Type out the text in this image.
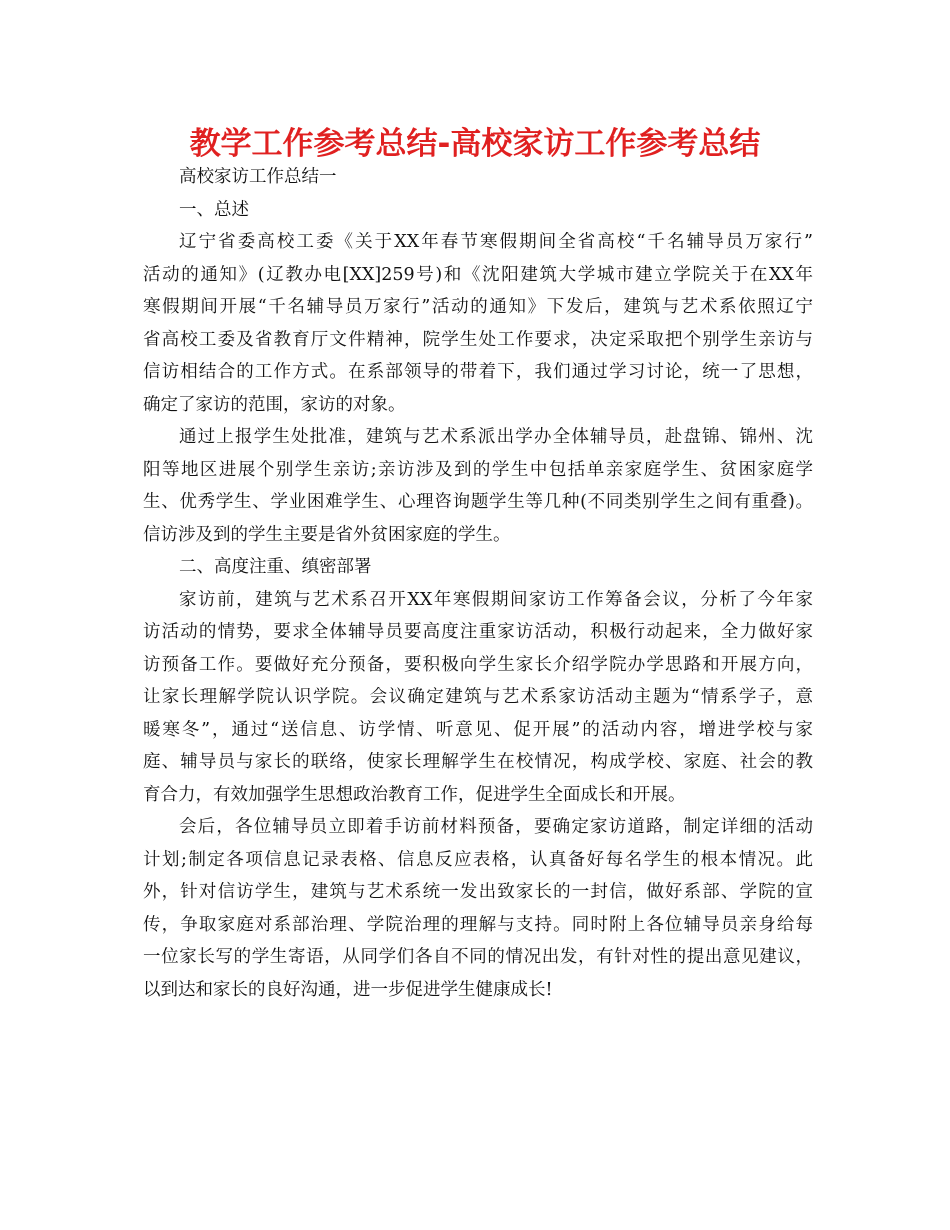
教学工作参考总结-高校家访工作参考总结
高校家访工作总结一
一、总述
辽宁省委高校工委《关于XX年春节寒假期间全省高校“千名辅导员万家行”
活动的通知》(辽教办电[XX]259号)和《沈阳建筑大学城市建立学院关于在XX年
寒假期间开展“千名辅导员万家行”活动的通知》下发后，建筑与艺术系依照辽宁
省高校工委及省教育厅文件精神，院学生处工作要求，决定采取把个别学生亲访与
信访相结合的工作方式。在系部领导的带着下，我们通过学习讨论，统一了思想，
确定了家访的范围，家访的对象。
通过上报学生处批准，建筑与艺术系派出学办全体辅导员，赴盘锦、锦州、沈
阳等地区进展个别学生亲访;亲访涉及到的学生中包括单亲家庭学生、贫困家庭学
生、优秀学生、学业困难学生、心理咨询题学生等几种(不同类别学生之间有重叠)。
信访涉及到的学生主要是省外贫困家庭的学生。
二、高度注重、缜密部署
家访前，建筑与艺术系召开XX年寒假期间家访工作筹备会议，分析了今年家
访活动的情势，要求全体辅导员要高度注重家访活动，积极行动起来，全力做好家
访预备工作。要做好充分预备，要积极向学生家长介绍学院办学思路和开展方向，
让家长理解学院认识学院。会议确定建筑与艺术系家访活动主题为“情系学子，意
暖寒冬”，通过“送信息、访学情、听意见、促开展”的活动内容，增进学校与家
庭、辅导员与家长的联络，使家长理解学生在校情况，构成学校、家庭、社会的教
育合力，有效加强学生思想政治教育工作，促进学生全面成长和开展。
会后，各位辅导员立即着手访前材料预备，要确定家访道路，制定详细的活动
计划;制定各项信息记录表格、信息反应表格，认真备好每名学生的根本情况。此
外，针对信访学生，建筑与艺术系统一发出致家长的一封信，做好系部、学院的宣
传，争取家庭对系部治理、学院治理的理解与支持。同时附上各位辅导员亲身给每
一位家长写的学生寄语，从同学们各自不同的情况出发，有针对性的提出意见建议，
以到达和家长的良好沟通，进一步促进学生健康成长!
